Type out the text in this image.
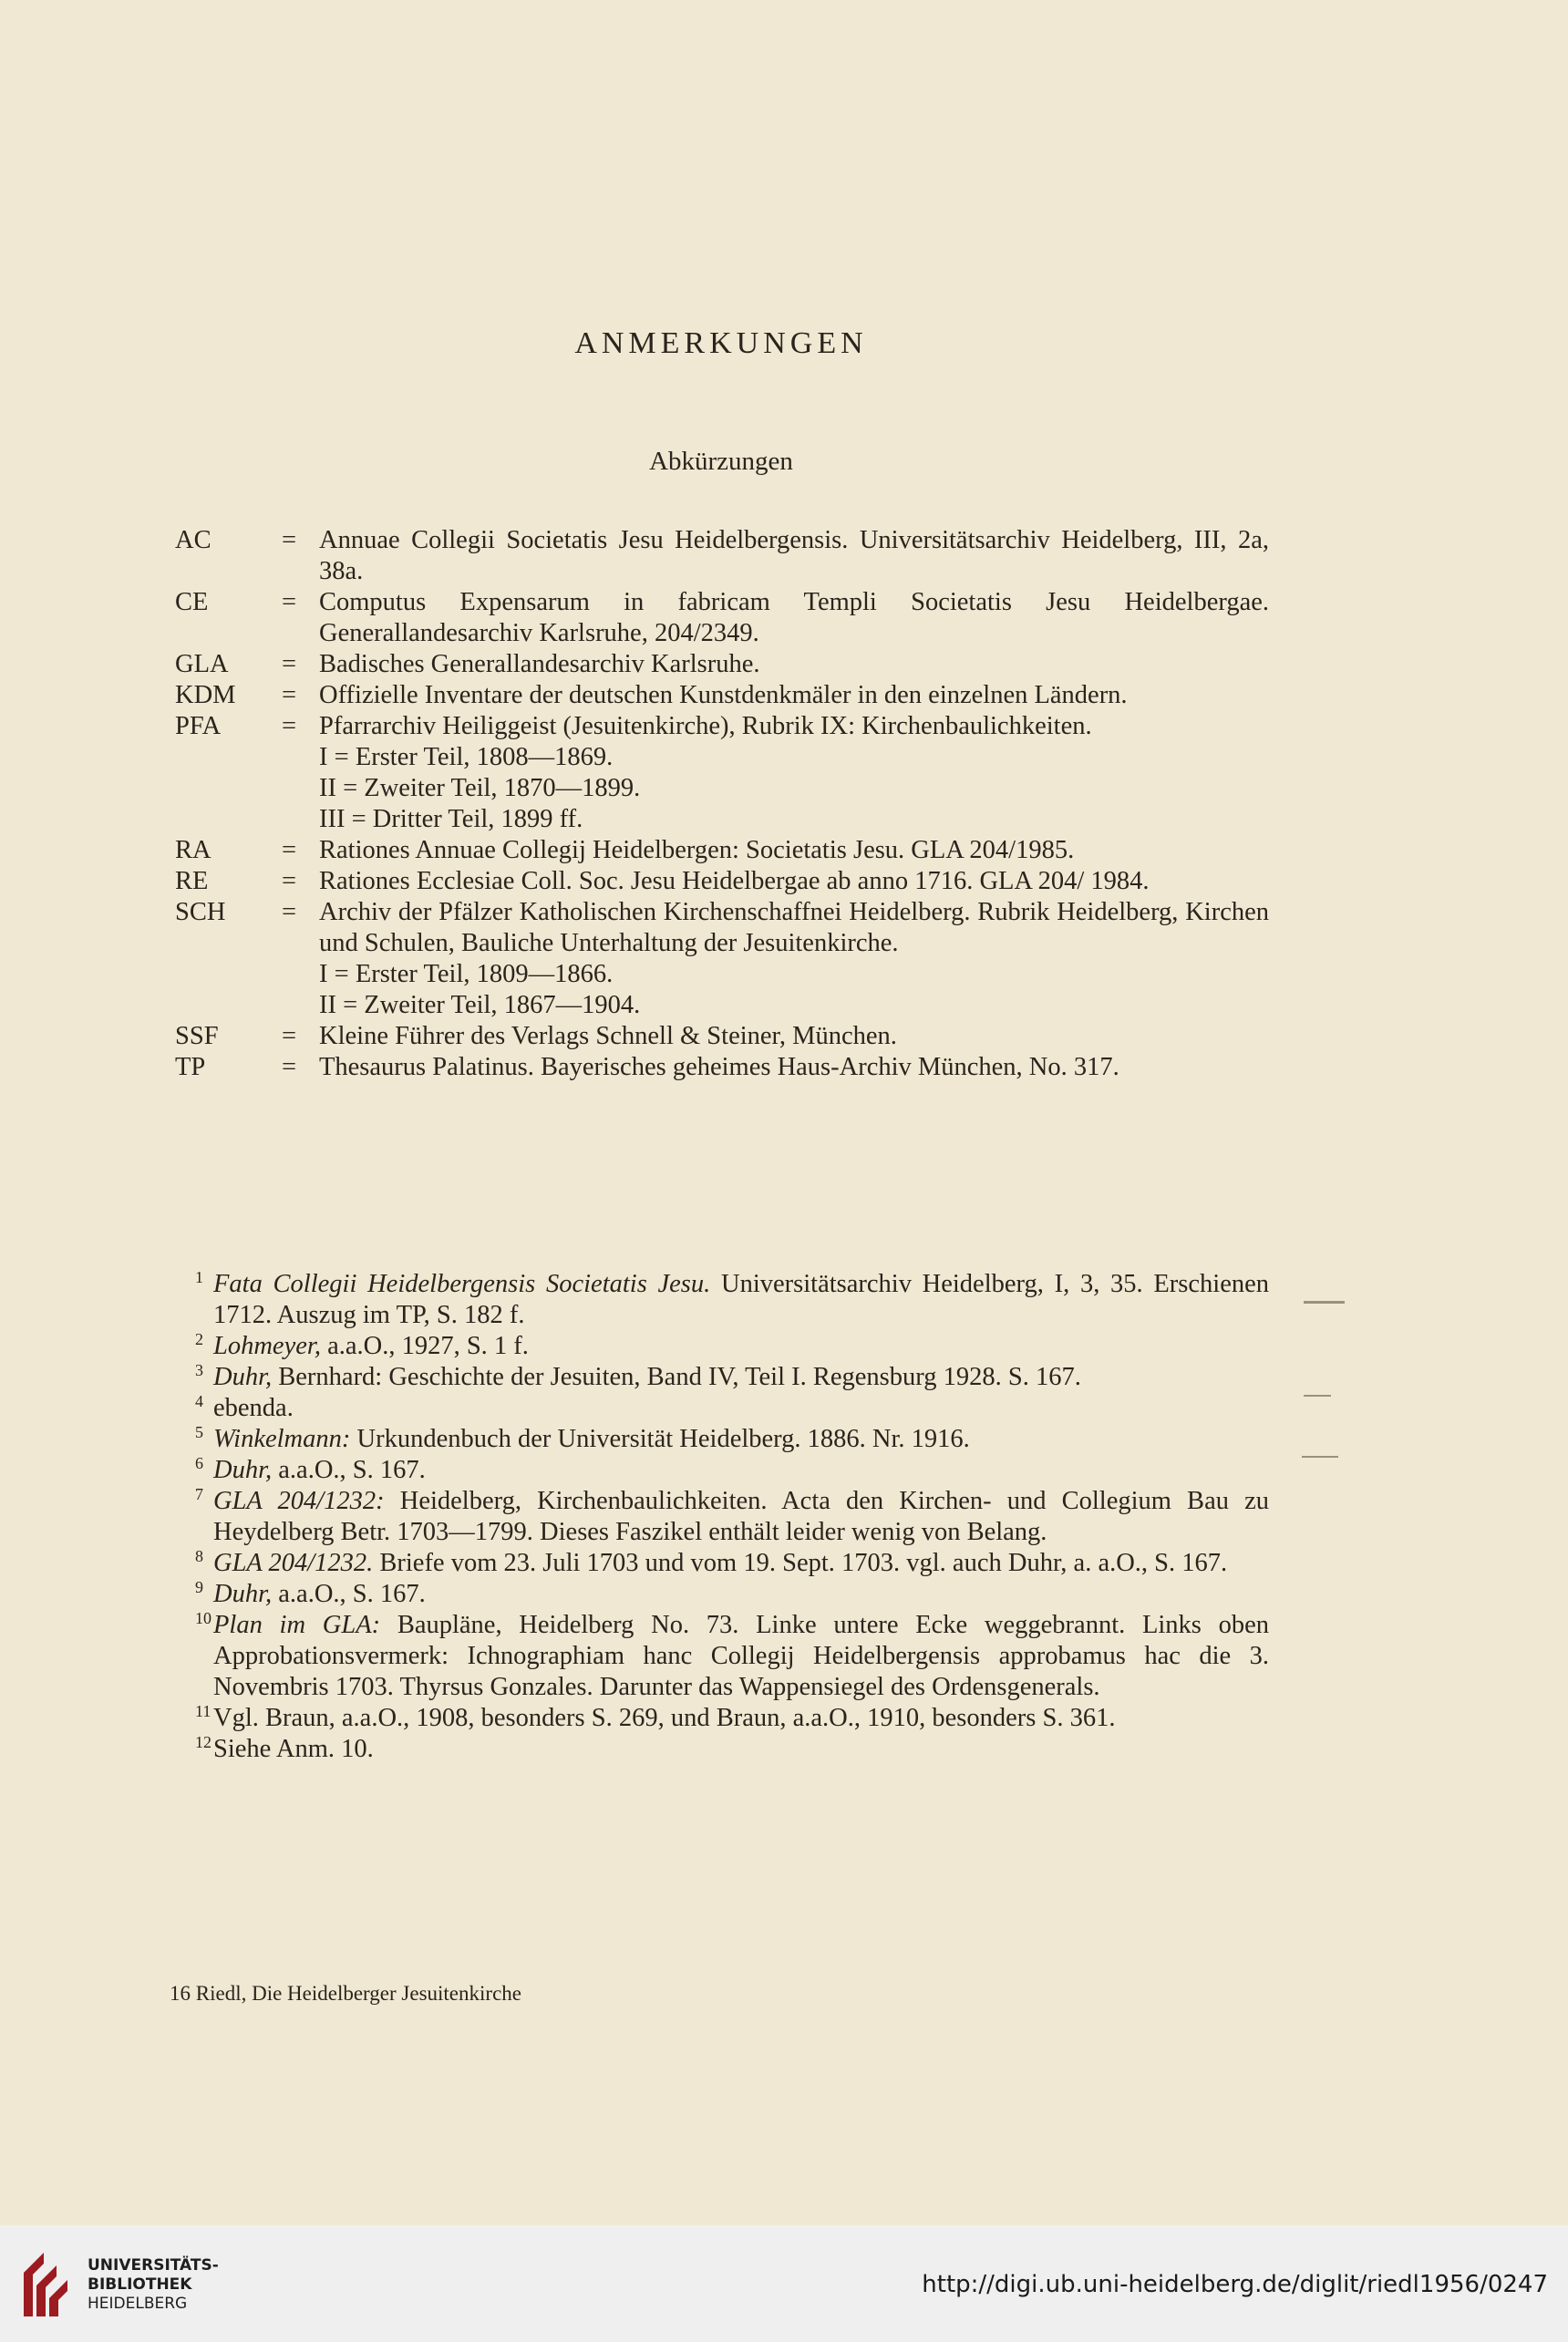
ANMERKUNGEN
Abkürzungen
AC	= Annuae Collegii Societatis Jesu Heidelbergensis. Universitätsarchiv Heidelberg, III, 2a, 38a.
CE	= Computus Expensarum in fabricam Templi Societatis Jesu Heidelbergae. Generallandesarchiv Karlsruhe, 204/2349.
GLA	= Badisches Generallandesarchiv Karlsruhe.
KDM	= Offizielle Inventare der deutschen Kunstdenkmäler in den einzelnen Ländern.
PFA	= Pfarrarchiv Heiliggeist (Jesuitenkirche), Rubrik IX: Kirchenbaulichkeiten.
I = Erster Teil, 1808—1869.
II = Zweiter Teil, 1870—1899.
III = Dritter Teil, 1899 ff.
RA	= Rationes Annuae Collegij Heidelbergen: Societatis Jesu. GLA 204/1985.
RE	= Rationes Ecclesiae Coll. Soc. Jesu Heidelbergae ab anno 1716. GLA 204/ 1984.
SCH	= Archiv der Pfälzer Katholischen Kirchenschaffnei Heidelberg. Rubrik Heidelberg, Kirchen und Schulen, Bauliche Unterhaltung der Jesuitenkirche.
I = Erster Teil, 1809—1866.
II = Zweiter Teil, 1867—1904.
SSF	= Kleine Führer des Verlags Schnell & Steiner, München.
TP	= Thesaurus Palatinus. Bayerisches geheimes Haus-Archiv München, No. 317.
1 Fata Collegii Heidelbergensis Societatis Jesu. Universitätsarchiv Heidelberg, I, 3, 35. Erschienen 1712. Auszug im TP, S. 182 f.
2 Lohmeyer, a.a.O., 1927, S. 1 f.
3 Duhr, Bernhard: Geschichte der Jesuiten, Band IV, Teil I. Regensburg 1928. S. 167.
4 ebenda.
5 Winkelmann: Urkundenbuch der Universität Heidelberg. 1886. Nr. 1916.
6 Duhr, a.a.O., S. 167.
7 GLA 204/1232: Heidelberg, Kirchenbaulichkeiten. Acta den Kirchen- und Collegium Bau zu Heydelberg Betr. 1703—1799. Dieses Faszikel enthält leider wenig von Belang.
8 GLA 204/1232. Briefe vom 23. Juli 1703 und vom 19. Sept. 1703. vgl. auch Duhr, a. a.O., S. 167.
9 Duhr, a.a.O., S. 167.
10 Plan im GLA: Baupläne, Heidelberg No. 73. Linke untere Ecke weggebrannt. Links oben Approbationsvermerk: Ichnographiam hanc Collegij Heidelbergensis approbamus hac die 3. Novembris 1703. Thyrsus Gonzales. Darunter das Wappensiegel des Ordensgenerals.
11 Vgl. Braun, a.a.O., 1908, besonders S. 269, und Braun, a.a.O., 1910, besonders S. 361.
12 Siehe Anm. 10.
16 Riedl, Die Heidelberger Jesuitenkirche
UNIVERSITÄTS-
BIBLIOTHEK
HEIDELBERG
http://digi.ub.uni-heidelberg.de/diglit/riedl1956/0247
